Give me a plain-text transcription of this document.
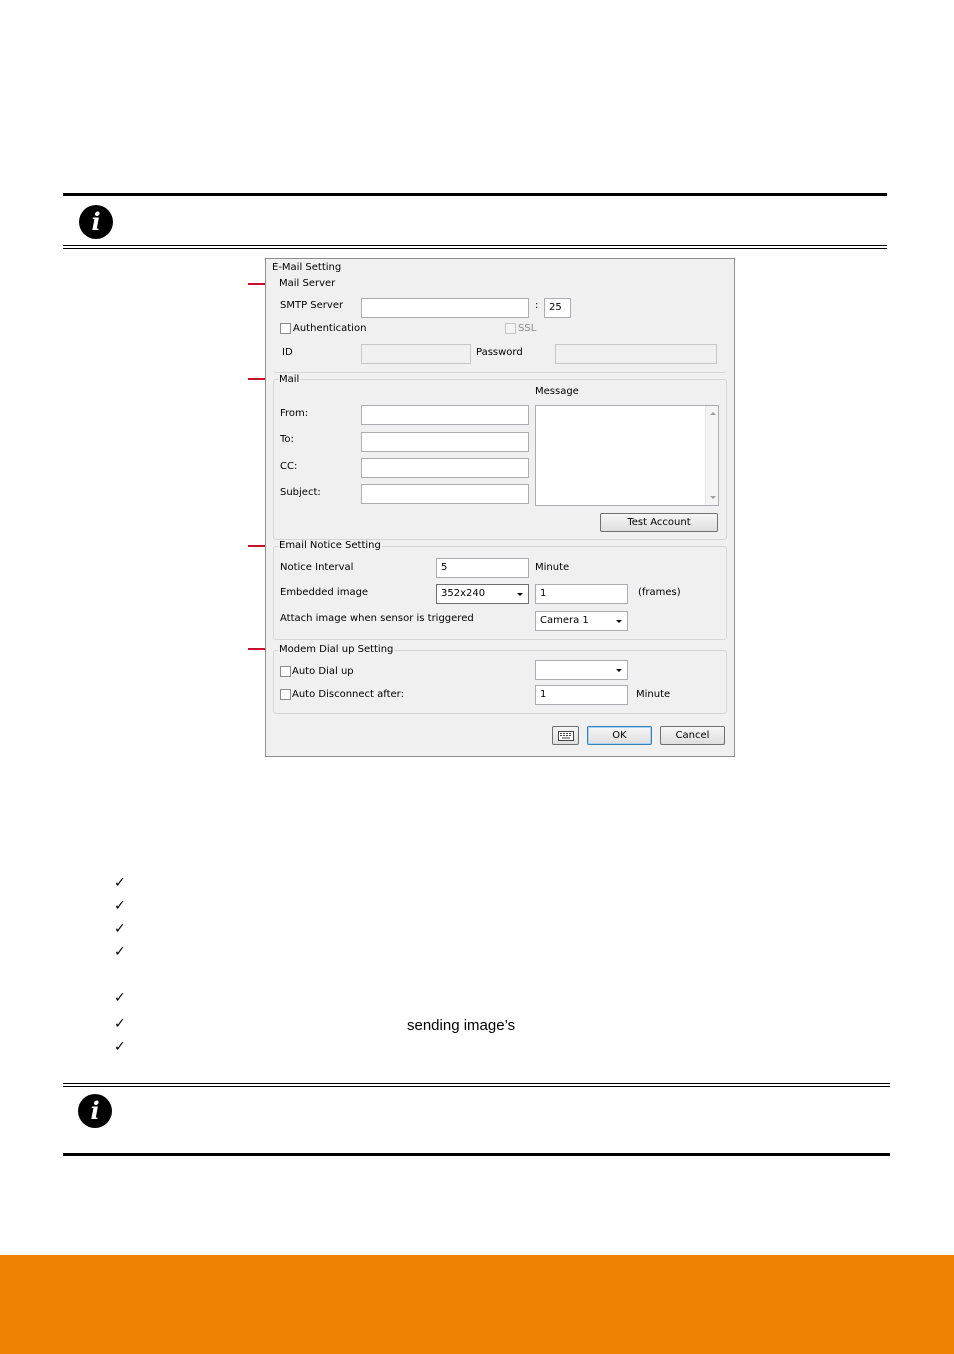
i
E-Mail Setting
Mail Server
SMTP Server	:	25
Authentication	SSL
ID	Password
Mail
Message
From:
To:
CC:
Subject:
Test Account
Email Notice Setting
Notice Interval	5	Minute
Embedded image	352x240	1	(frames)
Attach image when sensor is triggered	Camera 1
Modem Dial up Setting
Auto Dial up
Auto Disconnect after:	1	Minute
OK	Cancel
✓
✓
✓
✓
✓
✓	sending image’s
✓
i
